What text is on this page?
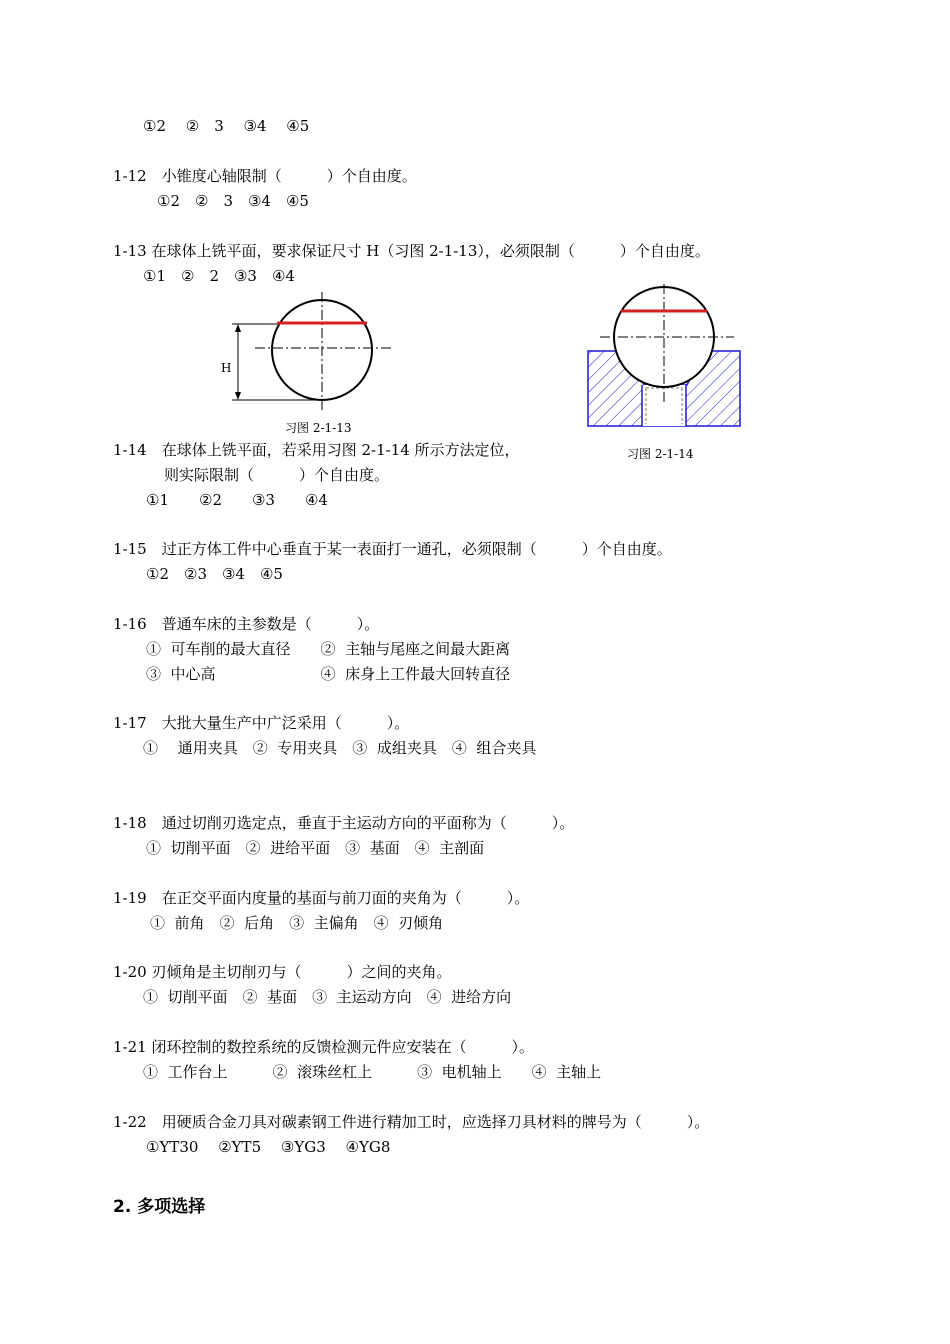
①2　 ②　3　 ③4　 ④5
1-12　小锥度心轴限制（　　　）个自由度。
①2　②　3　③4　④5
1-13 在球体上铣平面，要求保证尺寸 H（习图 2-1-13），必须限制（　　　）个自由度。
①1　②　2　③3　④4
1-14　在球体上铣平面，若采用习图 2-1-14 所示方法定位，
则实际限制（　　　）个自由度。
①1　　②2　　③3　　④4
1-15　过正方体工件中心垂直于某一表面打一通孔，必须限制（　　　）个自由度。
①2　②3　③4　④5
1-16　普通车床的主参数是（　　　）。
①  可车削的最大直径　　②  主轴与尾座之间最大距离
③  中心高　　　　　　　④  床身上工件最大回转直径
1-17　大批大量生产中广泛采用（　　　）。
①　 通用夹具　②  专用夹具　③  成组夹具　④  组合夹具
1-18　通过切削刃选定点，垂直于主运动方向的平面称为（　　　）。
①  切削平面　②  进给平面　③  基面　④  主剖面
1-19　在正交平面内度量的基面与前刀面的夹角为（　　　）。
①  前角　②  后角　③  主偏角　④  刃倾角
1-20 刃倾角是主切削刃与（　　　）之间的夹角。
①  切削平面　②  基面　③  主运动方向　④  进给方向
1-21 闭环控制的数控系统的反馈检测元件应安装在（　　　）。
①  工作台上　　　②  滚珠丝杠上　　　③  电机轴上　　④  主轴上
1-22　用硬质合金刀具对碳素钢工件进行精加工时，应选择刀具材料的牌号为（　　　）。
①YT30　 ②YT5　 ③YG3　 ④YG8
2. 多项选择
H
习图 2-1-13
习图 2-1-14
